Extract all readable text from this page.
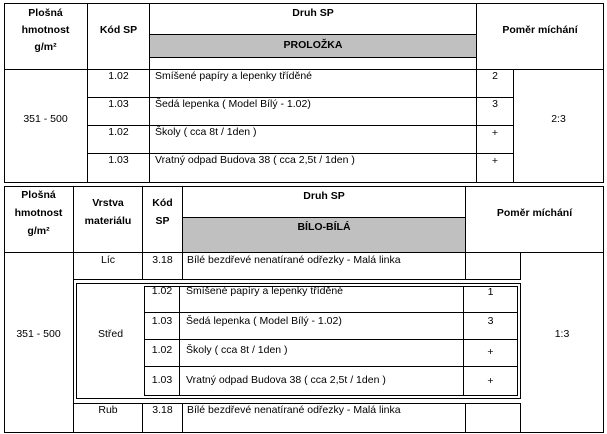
Plošná
hmotnost
g/m²
Kód SP
Druh SP
PROLOŽKA
Poměr míchání
351 - 500	2:3
1.02	Smíšené papíry a lepenky tříděné	2
1.03	Šedá lepenka ( Model Bílý - 1.02)	3
1.02	Školy ( cca 8t / 1den )	+
1.03	Vratný odpad Budova 38 ( cca 2,5t / 1den )	+
Plošná
hmotnost
g/m²
Vrstva
materiálu
Kód
SP
Druh SP
BÍLO-BÍLÁ
Poměr míchání
351 - 500	1:3
Líc	3.18	Bílé bezdřevé nenatírané odřezky - Malá linka
Střed
1.02	Smíšené papíry a lepenky tříděné	1
1.03	Šedá lepenka ( Model Bílý - 1.02)	3
1.02	Školy ( cca 8t / 1den )	+
1.03	Vratný odpad Budova 38 ( cca 2,5t / 1den )	+
Rub	3.18	Bílé bezdřevé nenatírané odřezky - Malá linka
